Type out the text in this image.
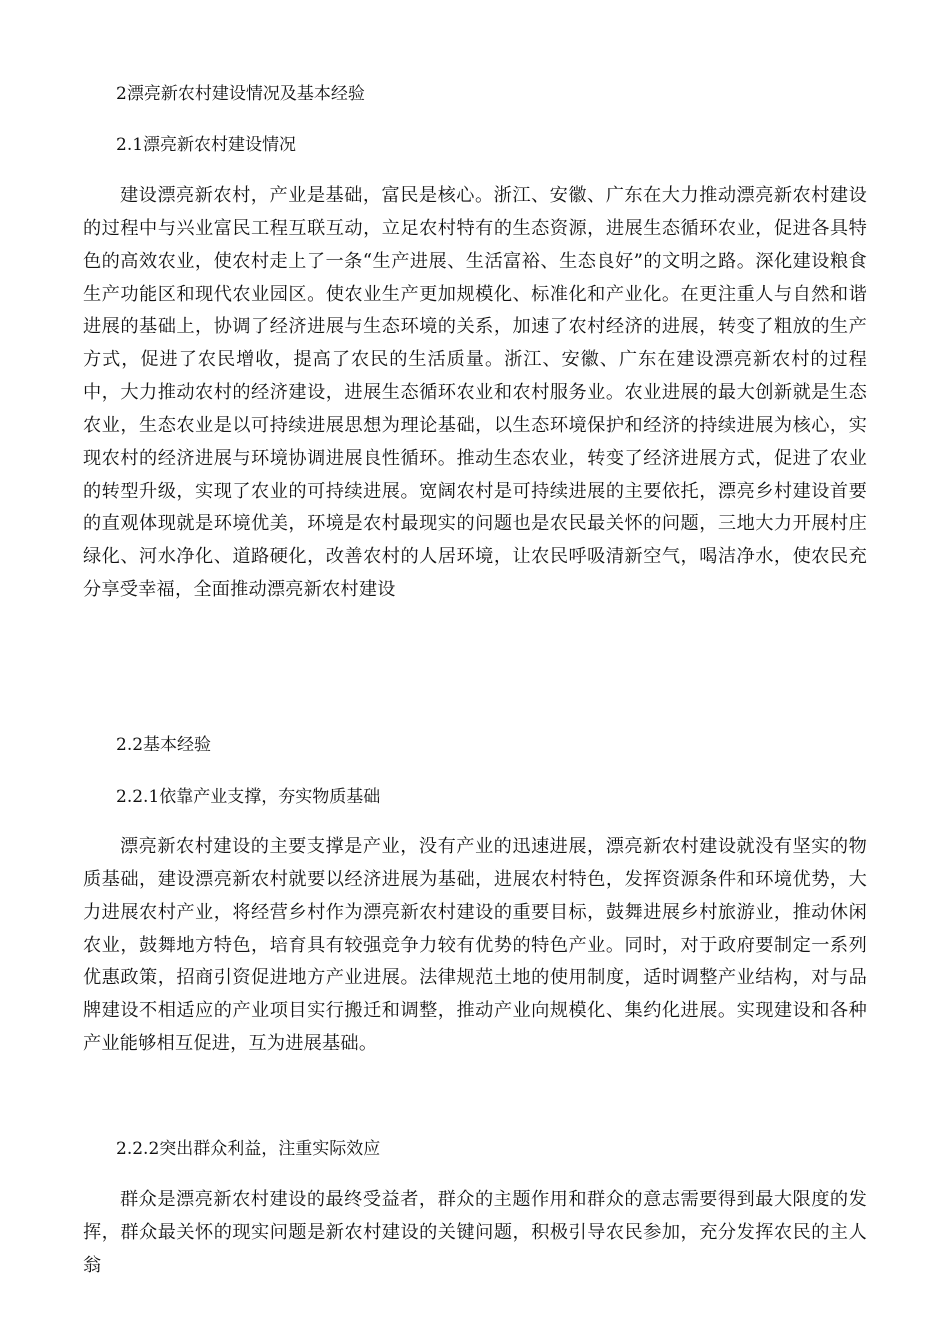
2漂亮新农村建设情况及基本经验

2.1漂亮新农村建设情况

建设漂亮新农村，产业是基础，富民是核心。浙江、安徽、广东在大力推动漂亮新农村建设的过程中与兴业富民工程互联互动，立足农村特有的生态资源，进展生态循环农业，促进各具特色的高效农业，使农村走上了一条“生产进展、生活富裕、生态良好”的文明之路。深化建设粮食生产功能区和现代农业园区。使农业生产更加规模化、标准化和产业化。在更注重人与自然和谐进展的基础上，协调了经济进展与生态环境的关系，加速了农村经济的进展，转变了粗放的生产方式，促进了农民增收，提高了农民的生活质量。浙江、安徽、广东在建设漂亮新农村的过程中，大力推动农村的经济建设，进展生态循环农业和农村服务业。农业进展的最大创新就是生态农业，生态农业是以可持续进展思想为理论基础，以生态环境保护和经济的持续进展为核心，实现农村的经济进展与环境协调进展良性循环。推动生态农业，转变了经济进展方式，促进了农业的转型升级，实现了农业的可持续进展。宽阔农村是可持续进展的主要依托，漂亮乡村建设首要的直观体现就是环境优美，环境是农村最现实的问题也是农民最关怀的问题，三地大力开展村庄绿化、河水净化、道路硬化，改善农村的人居环境，让农民呼吸清新空气，喝洁净水，使农民充分享受幸福，全面推动漂亮新农村建设

2.2基本经验

2.2.1依靠产业支撑，夯实物质基础

漂亮新农村建设的主要支撑是产业，没有产业的迅速进展，漂亮新农村建设就没有坚实的物质基础，建设漂亮新农村就要以经济进展为基础，进展农村特色，发挥资源条件和环境优势，大力进展农村产业，将经营乡村作为漂亮新农村建设的重要目标，鼓舞进展乡村旅游业，推动休闲农业，鼓舞地方特色，培育具有较强竞争力较有优势的特色产业。同时，对于政府要制定一系列优惠政策，招商引资促进地方产业进展。法律规范土地的使用制度，适时调整产业结构，对与品牌建设不相适应的产业项目实行搬迁和调整，推动产业向规模化、集约化进展。实现建设和各种产业能够相互促进，互为进展基础。

2.2.2突出群众利益，注重实际效应

群众是漂亮新农村建设的最终受益者，群众的主题作用和群众的意志需要得到最大限度的发挥，群众最关怀的现实问题是新农村建设的关键问题，积极引导农民参加，充分发挥农民的主人翁
